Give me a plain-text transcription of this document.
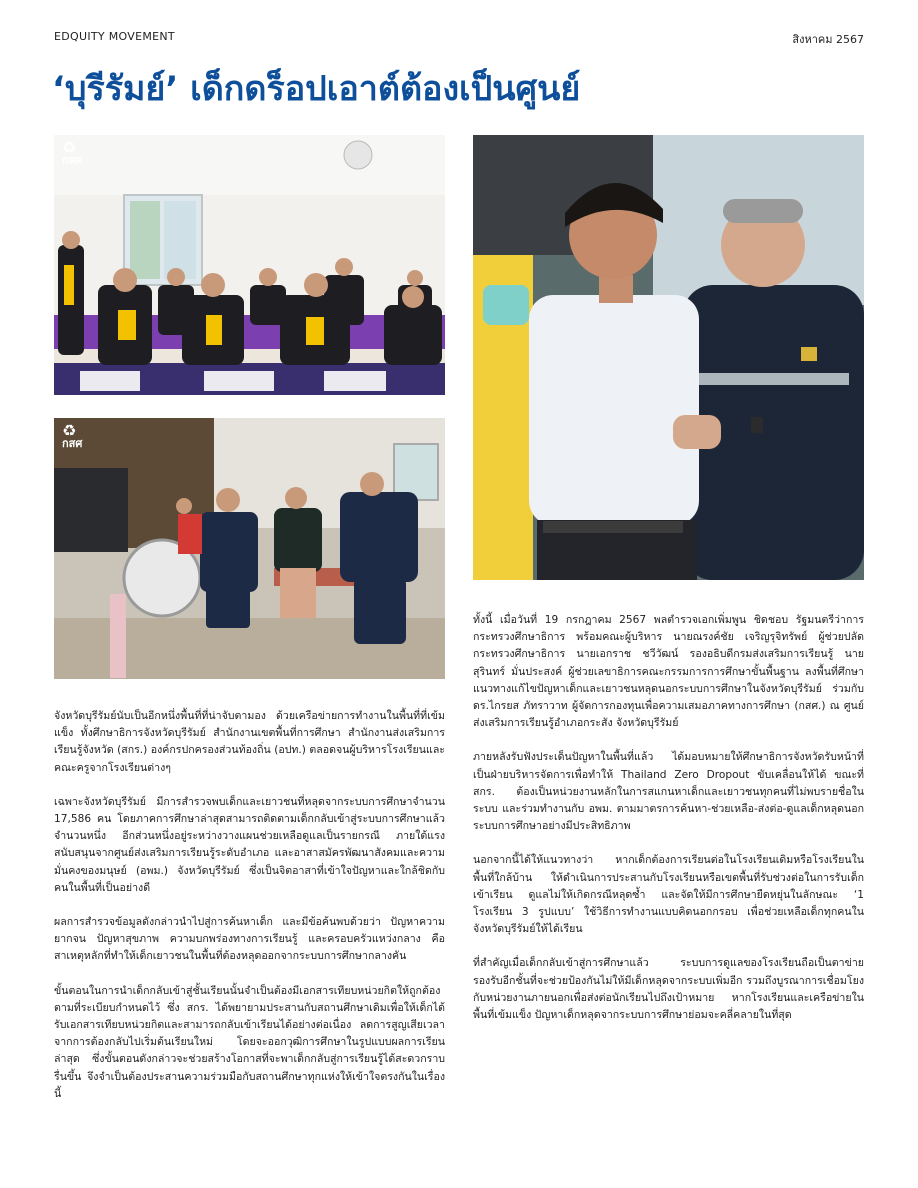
EDQUITY MOVEMENT	สิงหาคม 2567
‘บุรีรัมย์’ เด็กดร็อปเอาต์ต้องเป็นศูนย์
♻
กสศ
♻
กสศ

จังหวัดบุรีรัมย์นับเป็นอีกหนึ่งพื้นที่ที่น่าจับตามอง ด้วยเครือข่ายการทำงานในพื้นที่ที่เข้มแข็ง ทั้งศึกษาธิการจังหวัดบุรีรัมย์ สำนักงานเขตพื้นที่การศึกษา สำนักงานส่งเสริมการเรียนรู้จังหวัด (สกร.) องค์กรปกครองส่วนท้องถิ่น (อปท.) ตลอดจนผู้บริหารโรงเรียนและคณะครูจากโรงเรียนต่างๆ

เฉพาะจังหวัดบุรีรัมย์ มีการสำรวจพบเด็กและเยาวชนที่หลุดจากระบบการศึกษาจำนวน 17,586 คน โดยภาคการศึกษาล่าสุดสามารถติดตามเด็กกลับเข้าสู่ระบบการศึกษาแล้วจำนวนหนึ่ง อีกส่วนหนึ่งอยู่ระหว่างวางแผนช่วยเหลือดูแลเป็นรายกรณี ภายใต้แรงสนับสนุนจากศูนย์ส่งเสริมการเรียนรู้ระดับอำเภอ และอาสาสมัครพัฒนาสังคมและความมั่นคงของมนุษย์ (อพม.) จังหวัดบุรีรัมย์ ซึ่งเป็นจิตอาสาที่เข้าใจปัญหาและใกล้ชิดกับคนในพื้นที่เป็นอย่างดี

ผลการสำรวจข้อมูลดังกล่าวนำไปสู่การค้นหาเด็ก และมีข้อค้นพบด้วยว่า ปัญหาความยากจน ปัญหาสุขภาพ ความบกพร่องทางการเรียนรู้ และครอบครัวแหว่งกลาง คือสาเหตุหลักที่ทำให้เด็กเยาวชนในพื้นที่ต้องหลุดออกจากระบบการศึกษากลางคัน

ขั้นตอนในการนำเด็กกลับเข้าสู่ชั้นเรียนนั้นจำเป็นต้องมีเอกสารเทียบหน่วยกิตให้ถูกต้องตามที่ระเบียบกำหนดไว้ ซึ่ง สกร. ได้พยายามประสานกับสถานศึกษาเดิมเพื่อให้เด็กได้รับเอกสารเทียบหน่วยกิตและสามารถกลับเข้าเรียนได้อย่างต่อเนื่อง ลดการสูญเสียเวลาจากการต้องกลับไปเริ่มต้นเรียนใหม่ โดยจะออกวุฒิการศึกษาในรูปแบบผลการเรียนล่าสุด ซึ่งขั้นตอนดังกล่าวจะช่วยสร้างโอกาสที่จะพาเด็กกลับสู่การเรียนรู้ได้สะดวกราบรื่นขึ้น จึงจำเป็นต้องประสานความร่วมมือกับสถานศึกษาทุกแห่งให้เข้าใจตรงกันในเรื่องนี้

ทั้งนี้ เมื่อวันที่ 19 กรกฎาคม 2567 พลตำรวจเอกเพิ่มพูน ชิดชอบ รัฐมนตรีว่าการกระทรวงศึกษาธิการ พร้อมคณะผู้บริหาร นายณรงค์ชัย เจริญรุจิทรัพย์ ผู้ช่วยปลัดกระทรวงศึกษาธิการ นายเอกราช ชวีวัฒน์ รองอธิบดีกรมส่งเสริมการเรียนรู้ นายสุรินทร์ มั่นประสงค์ ผู้ช่วยเลขาธิการคณะกรรมการการศึกษาขั้นพื้นฐาน ลงพื้นที่ศึกษาแนวทางแก้ไขปัญหาเด็กและเยาวชนหลุดนอกระบบการศึกษาในจังหวัดบุรีรัมย์ ร่วมกับ ดร.ไกรยส ภัทราวาท ผู้จัดการกองทุนเพื่อความเสมอภาคทางการศึกษา (กสศ.) ณ ศูนย์ส่งเสริมการเรียนรู้อำเภอกระสัง จังหวัดบุรีรัมย์

ภายหลังรับฟังประเด็นปัญหาในพื้นที่แล้ว ได้มอบหมายให้ศึกษาธิการจังหวัดรับหน้าที่เป็นฝ่ายบริหารจัดการเพื่อทำให้ Thailand Zero Dropout ขับเคลื่อนให้ได้ ขณะที่ สกร. ต้องเป็นหน่วยงานหลักในการสแกนหาเด็กและเยาวชนทุกคนที่ไม่พบรายชื่อในระบบ และร่วมทำงานกับ อพม. ตามมาตรการค้นหา-ช่วยเหลือ-ส่งต่อ-ดูแลเด็กหลุดนอกระบบการศึกษาอย่างมีประสิทธิภาพ

นอกจากนี้ได้ให้แนวทางว่า หากเด็กต้องการเรียนต่อในโรงเรียนเดิมหรือโรงเรียนในพื้นที่ใกล้บ้าน ให้ดำเนินการประสานกับโรงเรียนหรือเขตพื้นที่รับช่วงต่อในการรับเด็กเข้าเรียน ดูแลไม่ให้เกิดกรณีหลุดซ้ำ และจัดให้มีการศึกษายืดหยุ่นในลักษณะ ‘1 โรงเรียน 3 รูปแบบ’ ใช้วิธีการทำงานแบบคิดนอกกรอบ เพื่อช่วยเหลือเด็กทุกคนในจังหวัดบุรีรัมย์ให้ได้เรียน

ที่สำคัญเมื่อเด็กกลับเข้าสู่การศึกษาแล้ว ระบบการดูแลของโรงเรียนถือเป็นตาข่ายรองรับอีกชั้นที่จะช่วยป้องกันไม่ให้มีเด็กหลุดจากระบบเพิ่มอีก รวมถึงบูรณาการเชื่อมโยงกับหน่วยงานภายนอกเพื่อส่งต่อนักเรียนไปถึงเป้าหมาย หากโรงเรียนและเครือข่ายในพื้นที่เข้มแข็ง ปัญหาเด็กหลุดจากระบบการศึกษาย่อมจะคลี่คลายในที่สุด
